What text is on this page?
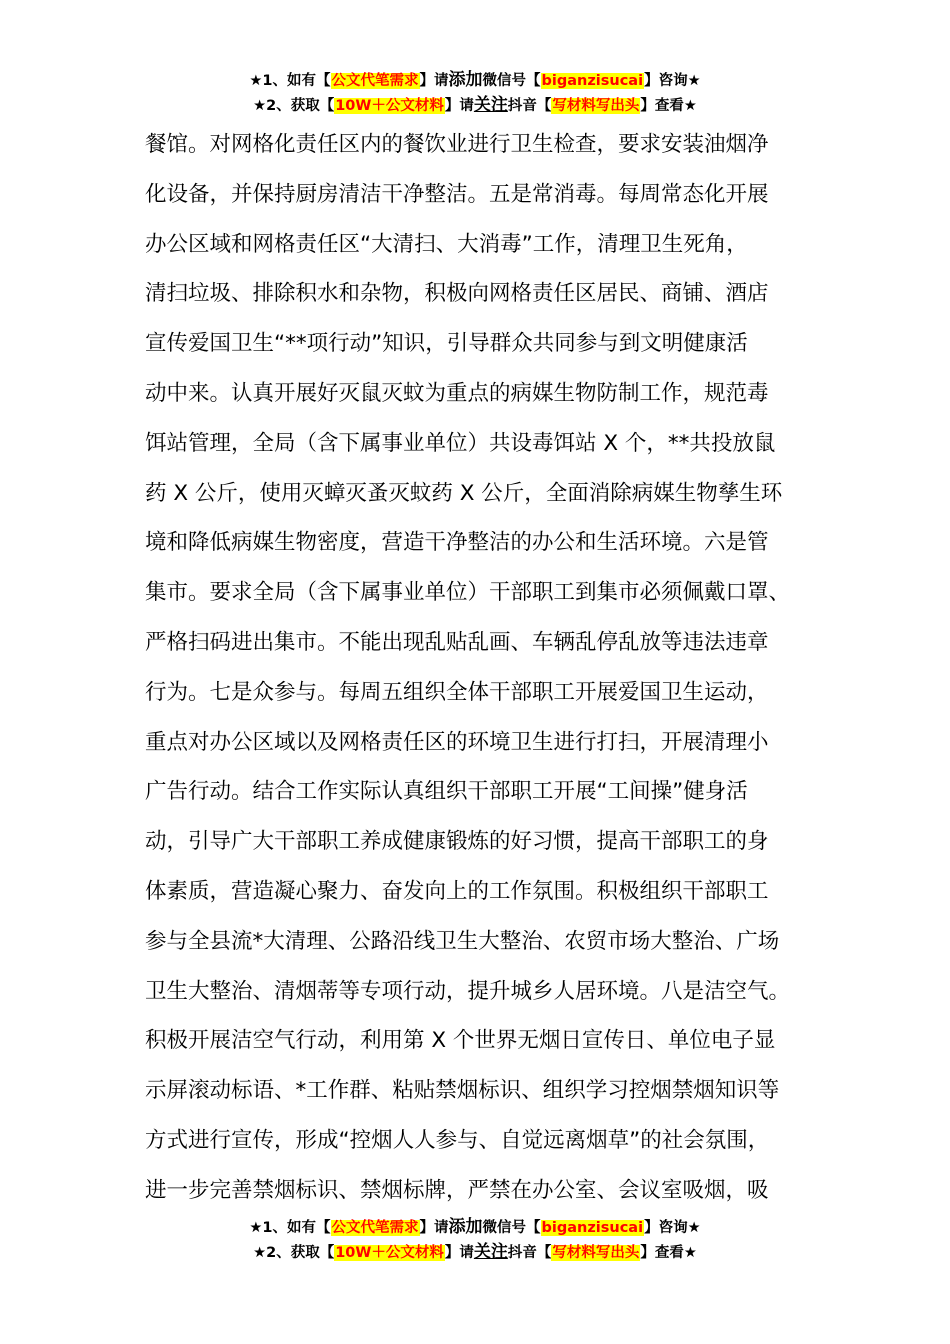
★1、如有【公文代笔需求】请添加微信号【biganzisucai】咨询★
★2、获取【10W＋公文材料】请关注抖音【写材料写出头】查看★
餐馆。对网格化责任区内的餐饮业进行卫生检查，要求安装油烟净
化设备，并保持厨房清洁干净整洁。五是常消毒。每周常态化开展
办公区域和网格责任区“大清扫、大消毒”工作，清理卫生死角，
清扫垃圾、排除积水和杂物，积极向网格责任区居民、商铺、酒店
宣传爱国卫生“**项行动”知识，引导群众共同参与到文明健康活
动中来。认真开展好灭鼠灭蚊为重点的病媒生物防制工作，规范毒
饵站管理，全局（含下属事业单位）共设毒饵站 X 个，**共投放鼠
药 X 公斤，使用灭蟑灭蚤灭蚊药 X 公斤，全面消除病媒生物孳生环
境和降低病媒生物密度，营造干净整洁的办公和生活环境。六是管
集市。要求全局（含下属事业单位）干部职工到集市必须佩戴口罩、
严格扫码进出集市。不能出现乱贴乱画、车辆乱停乱放等违法违章
行为。七是众参与。每周五组织全体干部职工开展爱国卫生运动，
重点对办公区域以及网格责任区的环境卫生进行打扫，开展清理小
广告行动。结合工作实际认真组织干部职工开展“工间操”健身活
动，引导广大干部职工养成健康锻炼的好习惯，提高干部职工的身
体素质，营造凝心聚力、奋发向上的工作氛围。积极组织干部职工
参与全县流*大清理、公路沿线卫生大整治、农贸市场大整治、广场
卫生大整治、清烟蒂等专项行动，提升城乡人居环境。八是洁空气。
积极开展洁空气行动，利用第 X 个世界无烟日宣传日、单位电子显
示屏滚动标语、*工作群、粘贴禁烟标识、组织学习控烟禁烟知识等
方式进行宣传，形成“控烟人人参与、自觉远离烟草”的社会氛围，
进一步完善禁烟标识、禁烟标牌，严禁在办公室、会议室吸烟，吸
★1、如有【公文代笔需求】请添加微信号【biganzisucai】咨询★
★2、获取【10W＋公文材料】请关注抖音【写材料写出头】查看★
